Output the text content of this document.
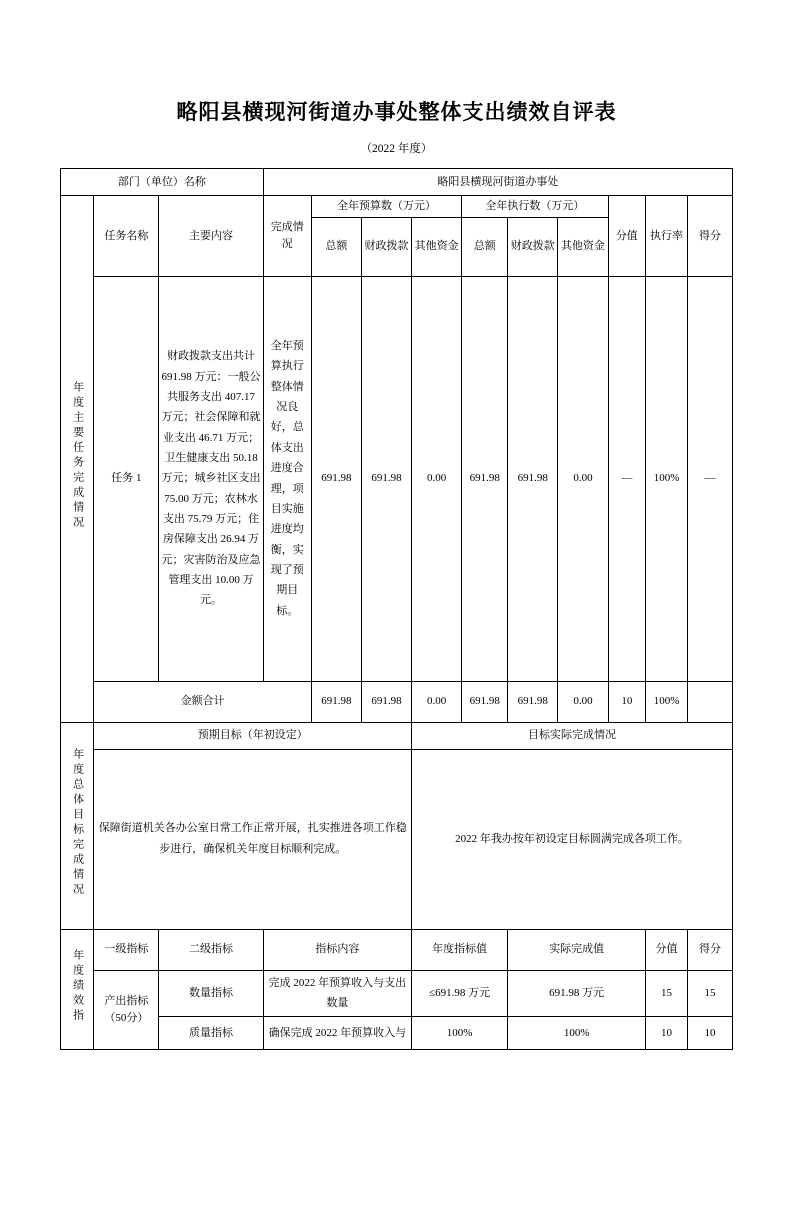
略阳县横现河街道办事处整体支出绩效自评表
（2022 年度）
部门（单位）名称			略阳县横现河街道办事处									
年度主要任务完成情况	任务名称	主要内容	完成情况	全年预算数（万元）			全年执行数（万元）			分值	执行率	得分
				总额	财政拨款	其他资金	总额	财政拨款	其他资金			
	任务 1	财政拨款支出共计 691.98 万元：一般公共服务支出 407.17 万元；社会保障和就业支出 46.71 万元；卫生健康支出 50.18 万元；城乡社区支出 75.00 万元；农林水支出 75.79 万元；住房保障支出 26.94 万元；灾害防治及应急管理支出 10.00 万元。	全年预算执行整体情况良好，总体支出进度合理，项目实施进度均衡，实现了预期目标。	691.98	691.98	0.00	691.98	691.98	0.00	—	100%	—

	金额合计			691.98	691.98	0.00	691.98	691.98	0.00	10	100%	
年度总体目标完成情况	预期目标（年初设定）					目标实际完成情况						
	保障街道机关各办公室日常工作正常开展，扎实推进各项工作稳步进行，确保机关年度目标顺利完成。					2022 年我办按年初设定目标圆满完成各项工作。						
年度绩效指	一级指标	二级指标	指标内容			年度指标值		实际完成值			分值	得分
	产出指标（50分）	数量指标	完成 2022 年预算收入与支出数量			≤691.98 万元		691.98 万元			15	15
		质量指标	确保完成 2022 年预算收入与			100%		100%			10	10
